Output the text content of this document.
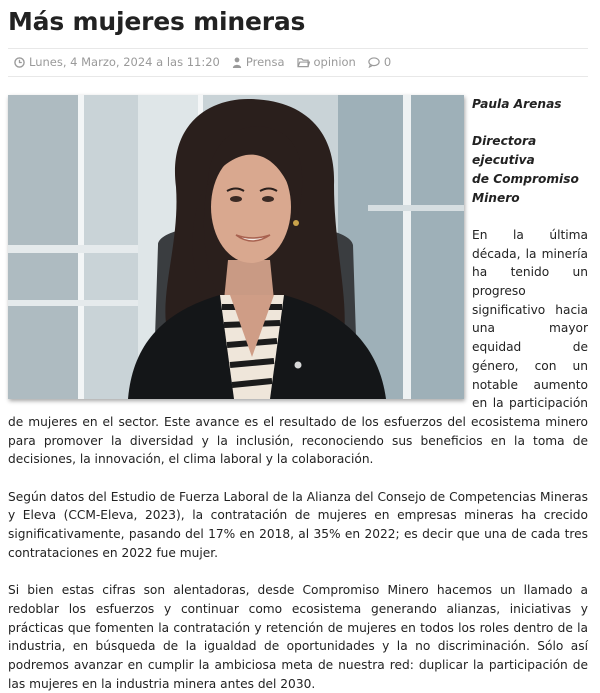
Más mujeres mineras
Lunes, 4 Marzo, 2024 a las 11:20 Prensa	opinion 0

Paula Arenas

Directora ejecutiva

de Compromiso

Minero

En la última década, la minería ha tenido un progreso significativo hacia una mayor equidad de género, con un notable aumento en la participación de mujeres en el sector. Este avance es el resultado de los esfuerzos del ecosistema minero para promover la diversidad y la inclusión, reconociendo sus beneficios en la toma de decisiones, la innovación, el clima laboral y la colaboración.

Según datos del Estudio de Fuerza Laboral de la Alianza del Consejo de Competencias Mineras y Eleva (CCM-Eleva, 2023), la contratación de mujeres en empresas mineras ha crecido significativamente, pasando del 17% en 2018, al 35% en 2022; es decir que una de cada tres contrataciones en 2022 fue mujer.

Si bien estas cifras son alentadoras, desde Compromiso Minero hacemos un llamado a redoblar los esfuerzos y continuar como ecosistema generando alianzas, iniciativas y prácticas que fomenten la contratación y retención de mujeres en todos los roles dentro de la industria, en búsqueda de la igualdad de oportunidades y la no discriminación. Sólo así podremos avanzar en cumplir la ambiciosa meta de nuestra red: duplicar la participación de las mujeres en la industria minera antes del 2030.
